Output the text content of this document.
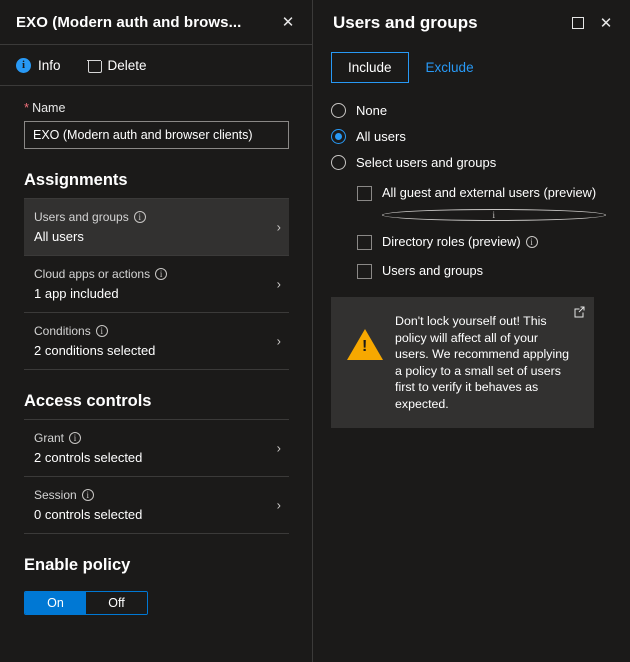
EXO (Modern auth and brows...	✕
i Info	Delete
* Name
EXO (Modern auth and browser clients)
Assignments
Users and groups	i
All users
›
Cloud apps or actions	i
1 app included
›
Conditions	i
2 conditions selected
›
Access controls
Grant	i
2 controls selected
›
Session	i
0 controls selected
›
Enable policy
On	Off
Users and groups	✕
Include	Exclude
None
All users
Select users and groups
All guest and external users (preview)
i
Directory roles (preview)	i
Users and groups
!
Don't lock yourself out! This policy will affect all of your users. We recommend applying a policy to a small set of users first to verify it behaves as expected.
